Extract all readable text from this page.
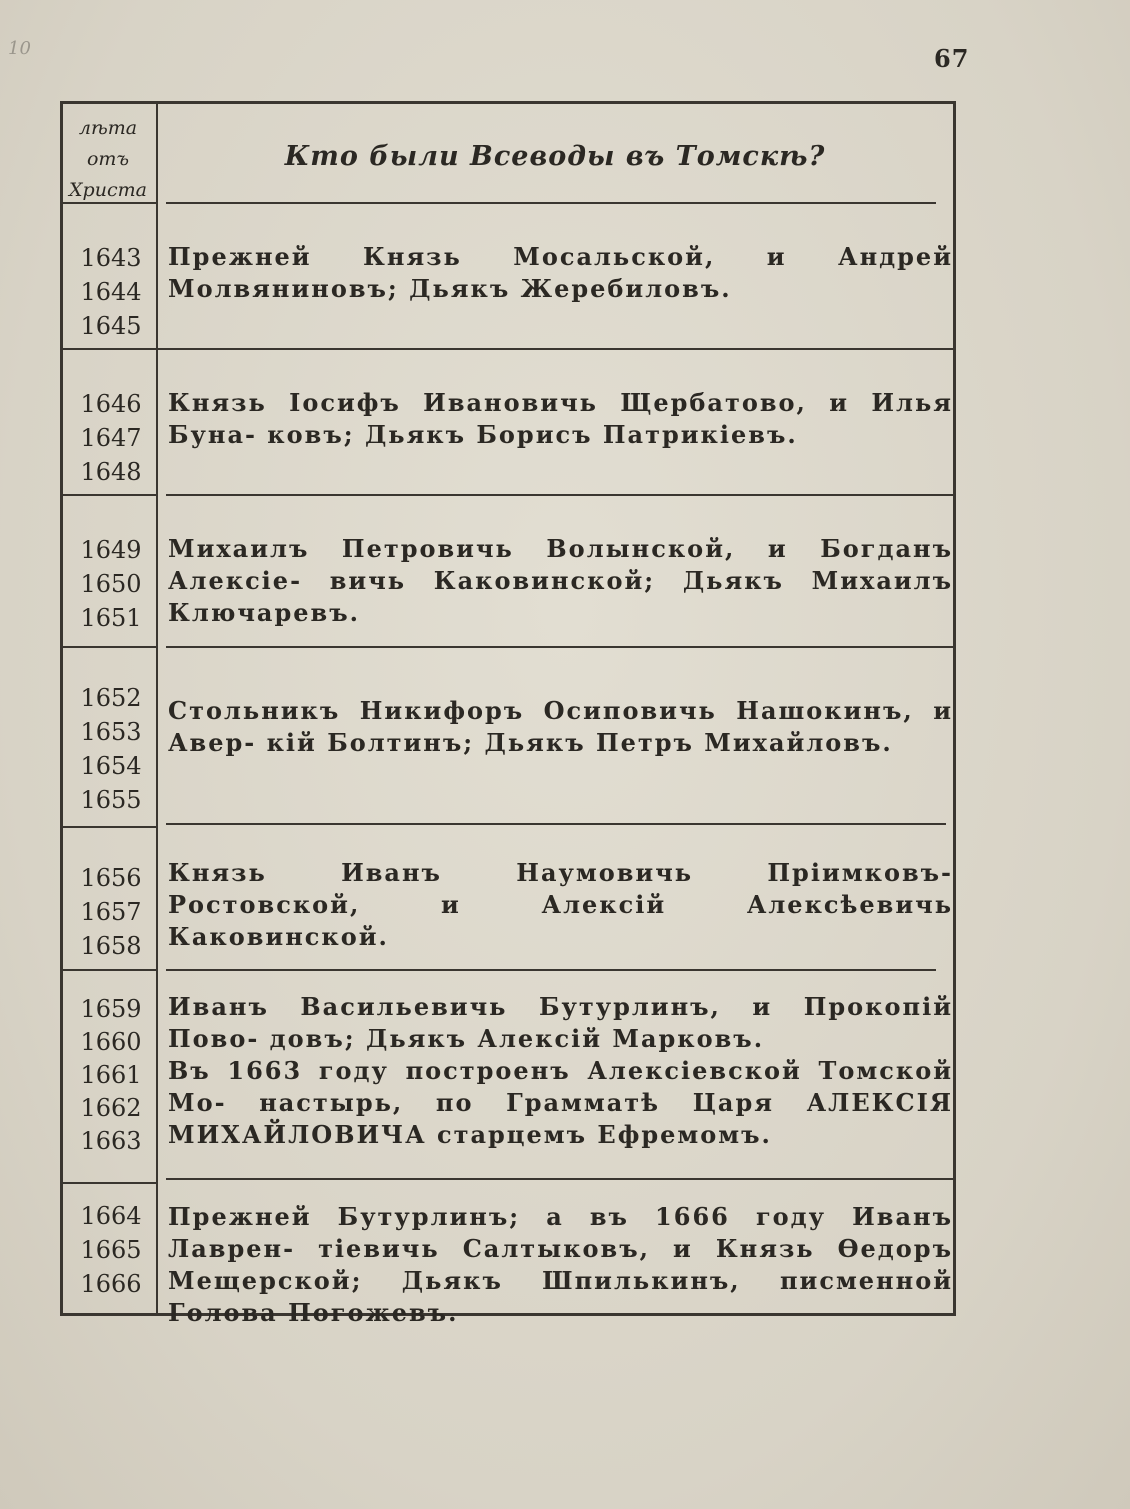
10	67
лѣта
отъ
Христа
Кто были Всеводы въ Томскѣ?
1643
1644
1645

Прежней Князь Мосальской, и Андрей Молвяниновъ; Дьякъ Жеребиловъ.

1646
1647
1648

Князь Іосифъ Ивановичь Щербатово, и Илья Буна- ковъ; Дьякъ Борисъ Патрикіевъ.

1649
1650
1651

Михаилъ Петровичь Волынской, и Богданъ Алексіе- вичь Каковинской; Дьякъ Михаилъ Ключаревъ.

1652
1653
1654
1655

Стольникъ Никифоръ Осиповичь Нашокинъ, и Авер- кій Болтинъ; Дьякъ Петръ Михайловъ.

1656
1657
1658

Князь Иванъ Наумовичь Пріимковъ-Ростовской, и Алексій Алексѣевичь Каковинской.

1659
1660
1661
1662
1663

Иванъ Васильевичь Бутурлинъ, и Прокопій Пово- довъ; Дьякъ Алексій Марковъ.

Въ 1663 году построенъ Алексіевской Томской Мо- настырь, по Грамматѣ Царя АЛЕКСІЯ МИХАЙЛОВИЧА старцемъ Ефремомъ.

1664
1665
1666

Прежней Бутурлинъ; а въ 1666 году Иванъ Лаврен- тіевичь Салтыковъ, и Князь Ѳедоръ Мещерской; Дьякъ Шпилькинъ, писменной Голова Погожевъ.
